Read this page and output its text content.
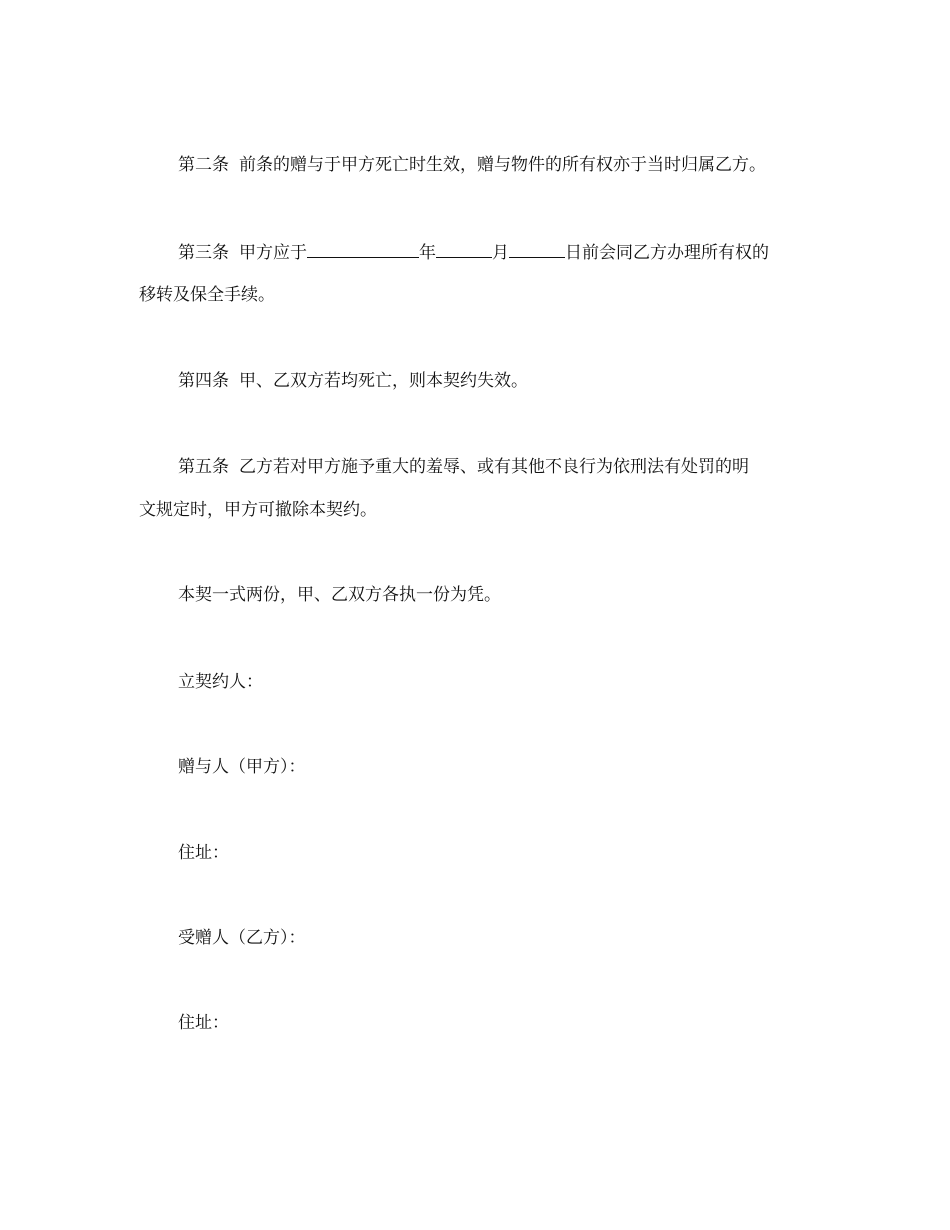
第二条 前条的赠与于甲方死亡时生效，赠与物件的所有权亦于当时归属乙方。
第三条 甲方应于	年	月	日前会同乙方办理所有权的
移转及保全手续。
第四条 甲、乙双方若均死亡，则本契约失效。
第五条 乙方若对甲方施予重大的羞辱、或有其他不良行为依刑法有处罚的明
文规定时，甲方可撤除本契约。
本契一式两份，甲、乙双方各执一份为凭。
立契约人：
赠与人（甲方）：
住址：
受赠人（乙方）：
住址：
